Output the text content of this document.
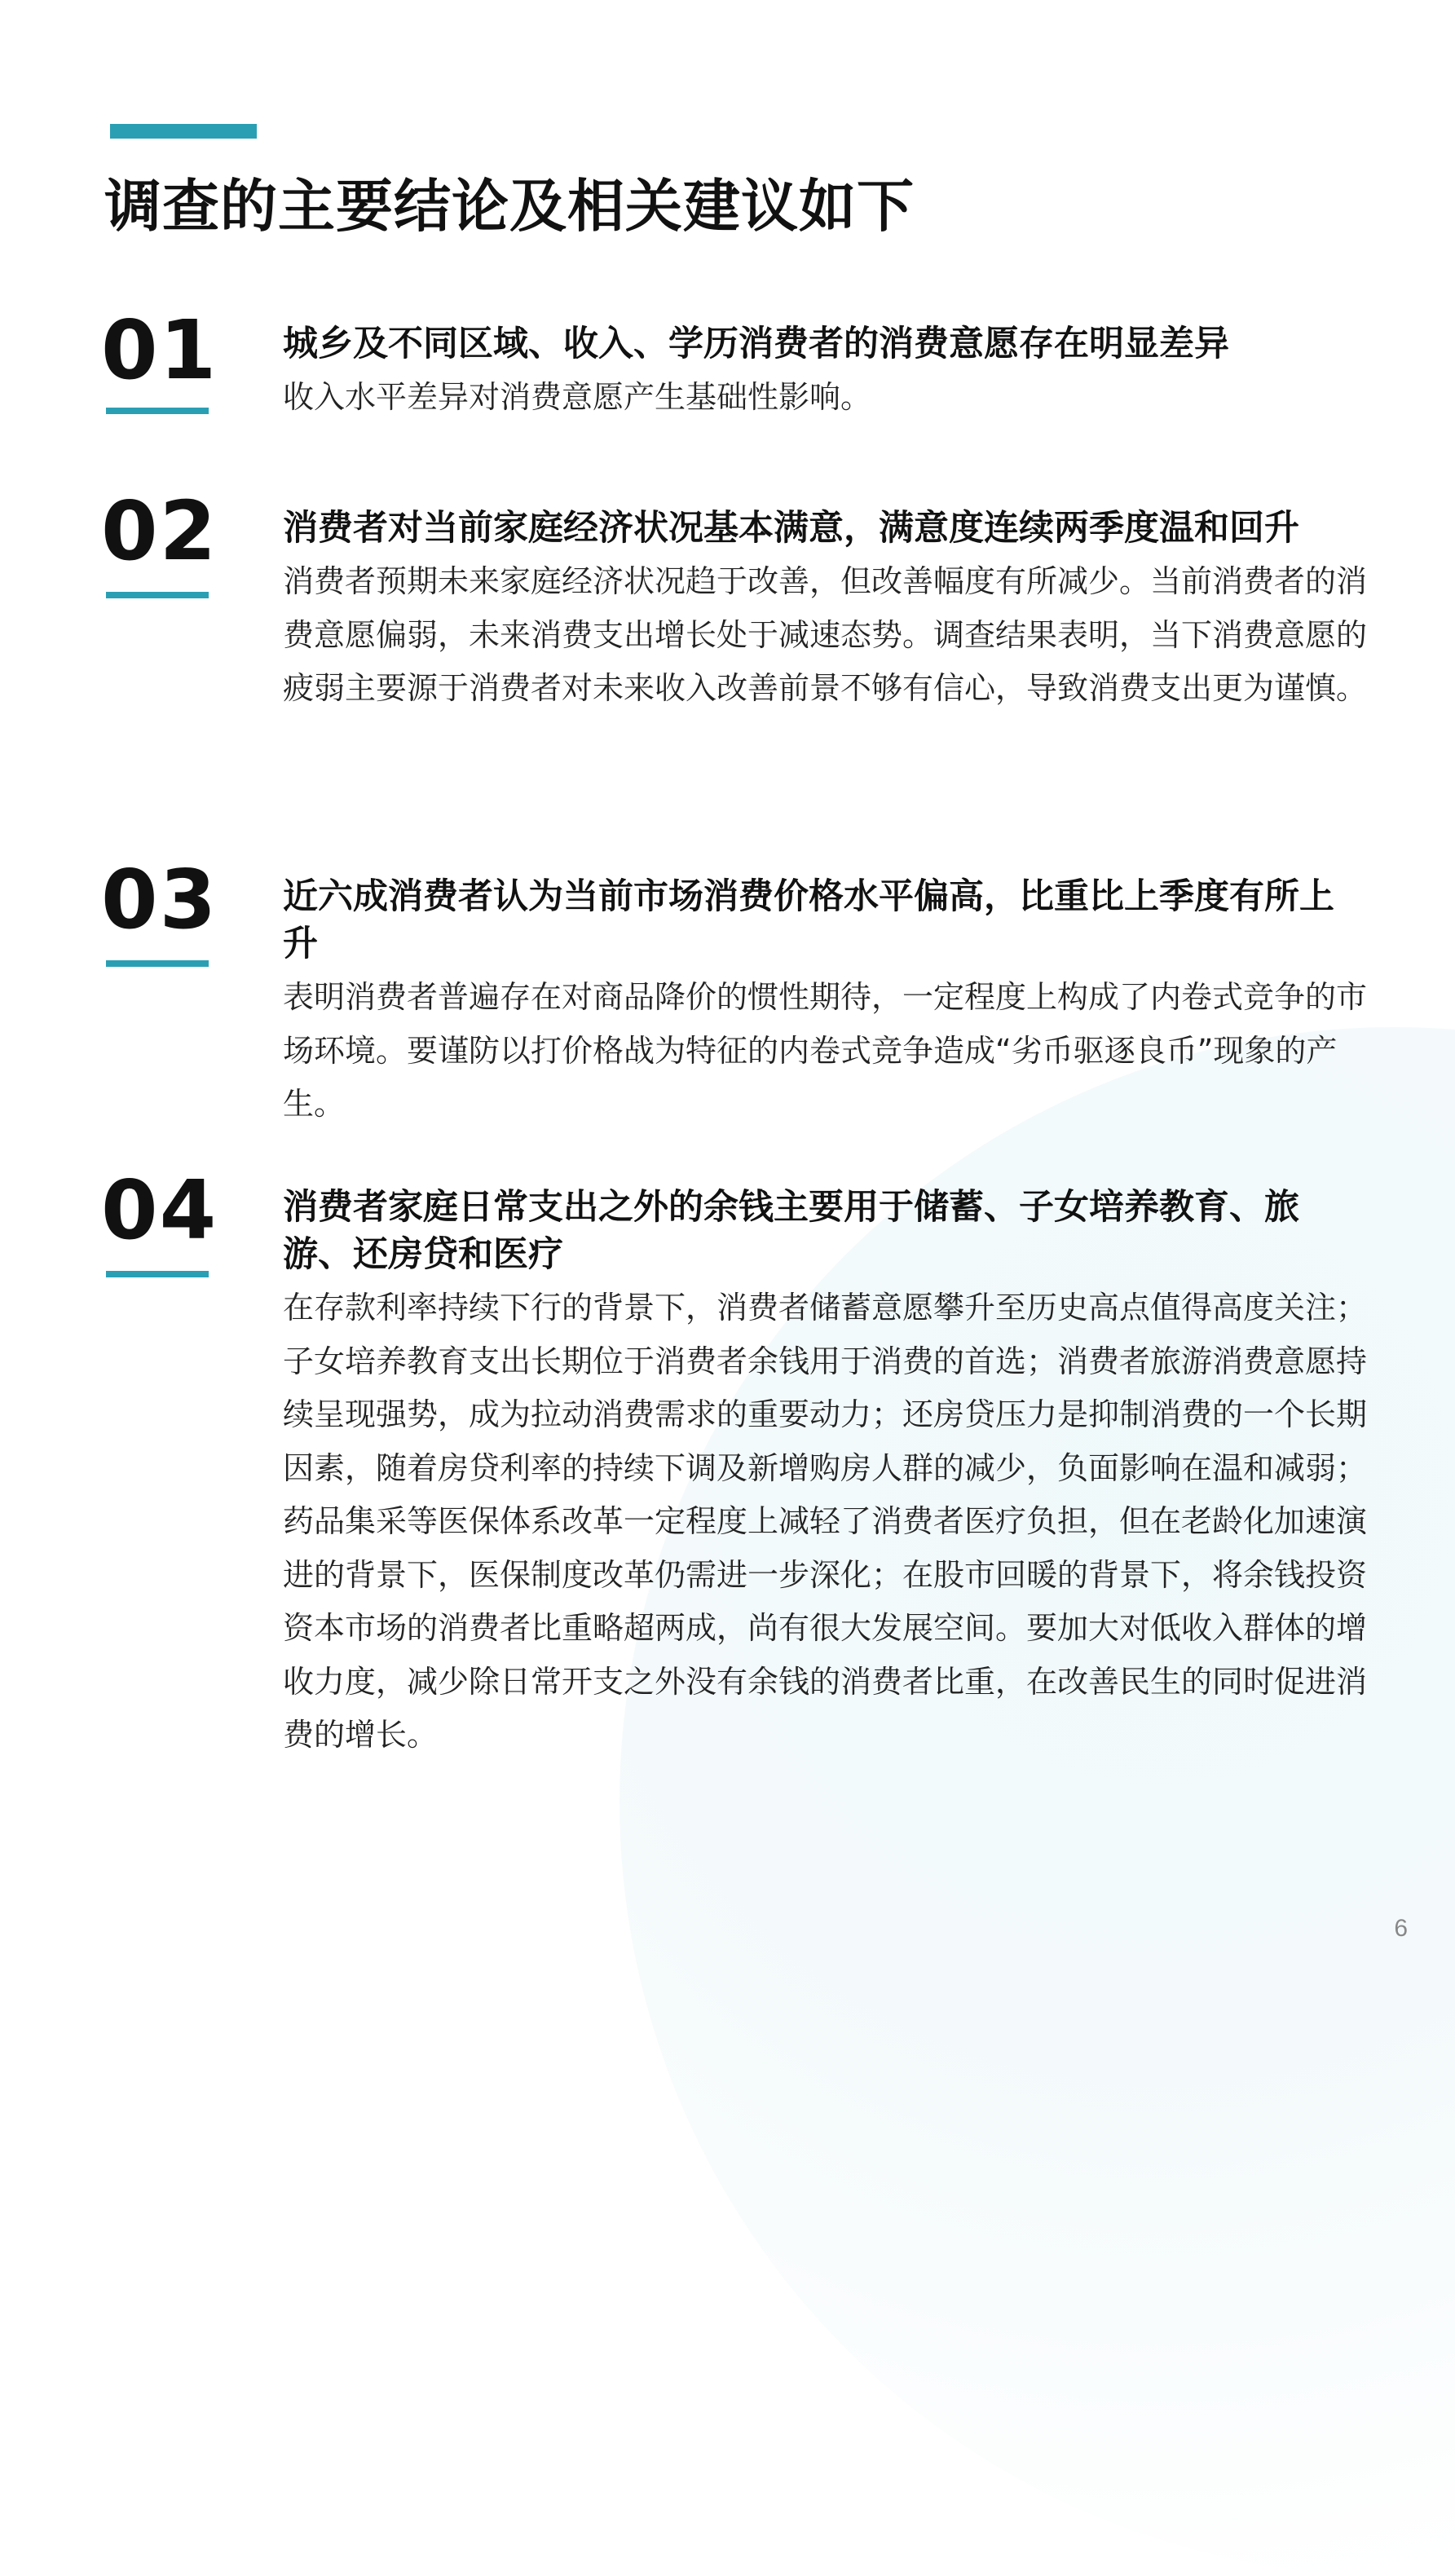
调查的主要结论及相关建议如下
01 城乡及不同区域、收入、学历消费者的消费意愿存在明显差异

收入水平差异对消费意愿产生基础性影响。

02 消费者对当前家庭经济状况基本满意，满意度连续两季度温和回升

消费者预期未来家庭经济状况趋于改善，但改善幅度有所减少。当前消费者的消费意愿偏弱，未来消费支出增长处于减速态势。调查结果表明，当下消费意愿的疲弱主要源于消费者对未来收入改善前景不够有信心，导致消费支出更为谨慎。

03 近六成消费者认为当前市场消费价格水平偏高，比重比上季度有所上升

表明消费者普遍存在对商品降价的惯性期待，一定程度上构成了内卷式竞争的市场环境。要谨防以打价格战为特征的内卷式竞争造成“劣币驱逐良币”现象的产生。

04 消费者家庭日常支出之外的余钱主要用于储蓄、子女培养教育、旅游、还房贷和医疗

在存款利率持续下行的背景下，消费者储蓄意愿攀升至历史高点值得高度关注；子女培养教育支出长期位于消费者余钱用于消费的首选；消费者旅游消费意愿持续呈现强势，成为拉动消费需求的重要动力；还房贷压力是抑制消费的一个长期因素，随着房贷利率的持续下调及新增购房人群的减少，负面影响在温和减弱；药品集采等医保体系改革一定程度上减轻了消费者医疗负担，但在老龄化加速演进的背景下，医保制度改革仍需进一步深化；在股市回暖的背景下，将余钱投资资本市场的消费者比重略超两成，尚有很大发展空间。要加大对低收入群体的增收力度，减少除日常开支之外没有余钱的消费者比重，在改善民生的同时促进消费的增长。

6
